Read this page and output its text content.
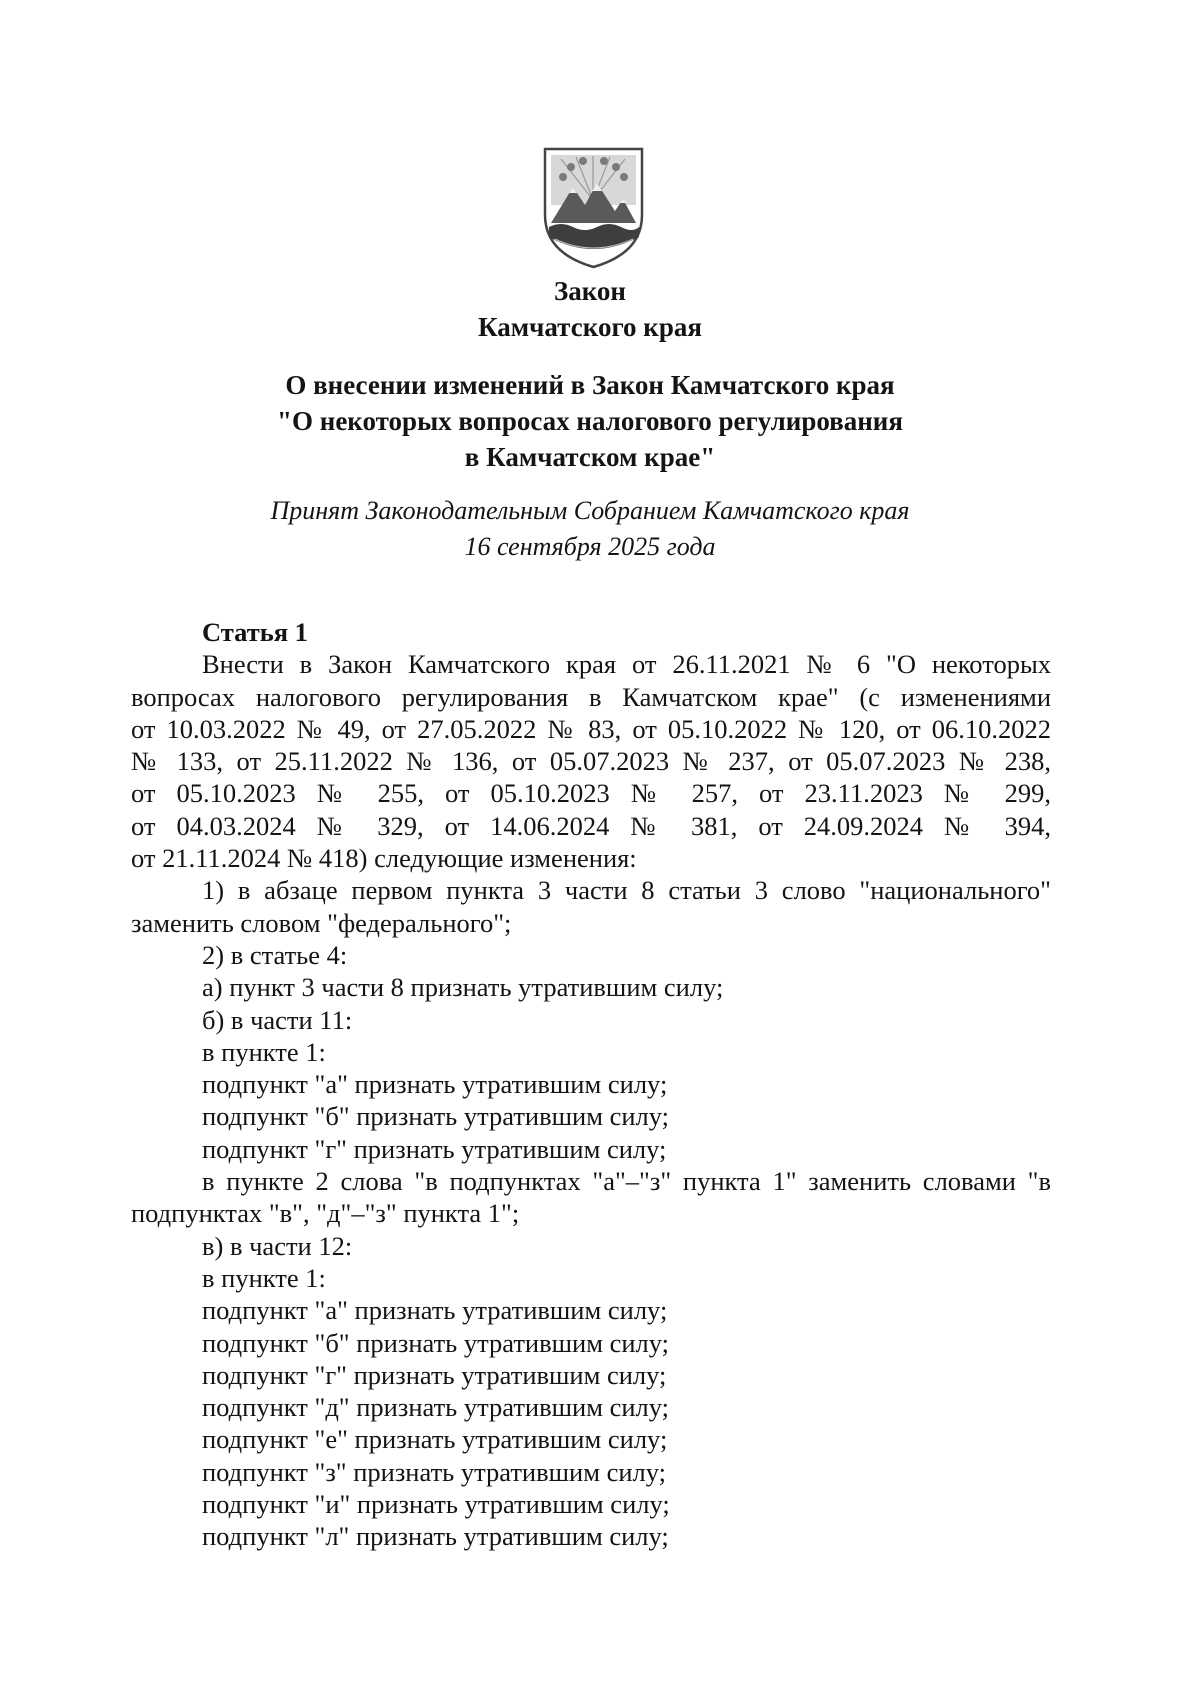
Закон
Камчатского края
О внесении изменений в Закон Камчатского края
"О некоторых вопросах налогового регулирования
в Камчатском крае"
Принят Законодательным Собранием Камчатского края
16 сентября 2025 года

Статья 1

Внести в Закон Камчатского края от 26.11.2021 № 6 "О некоторых
вопросах налогового регулирования в Камчатском крае" (с изменениями
от 10.03.2022 № 49, от 27.05.2022 № 83, от 05.10.2022 № 120, от 06.10.2022
№ 133, от 25.11.2022 № 136, от 05.07.2023 № 237, от 05.07.2023 № 238,
от 05.10.2023 № 255, от 05.10.2023 № 257, от 23.11.2023 № 299,
от 04.03.2024 № 329, от 14.06.2024 № 381, от 24.09.2024 № 394,

от 21.11.2024 № 418) следующие изменения:

1) в абзаце первом пункта 3 части 8 статьи 3 слово "национального"

заменить словом "федерального";

2) в статье 4:

а) пункт 3 части 8 признать утратившим силу;

б) в части 11:

в пункте 1:

подпункт "а" признать утратившим силу;

подпункт "б" признать утратившим силу;

подпункт "г" признать утратившим силу;

в пункте 2 слова "в подпунктах "а"–"з" пункта 1" заменить словами "в

подпунктах "в", "д"–"з" пункта 1";

в) в части 12:

в пункте 1:

подпункт "а" признать утратившим силу;

подпункт "б" признать утратившим силу;

подпункт "г" признать утратившим силу;

подпункт "д" признать утратившим силу;

подпункт "е" признать утратившим силу;

подпункт "з" признать утратившим силу;

подпункт "и" признать утратившим силу;

подпункт "л" признать утратившим силу;
